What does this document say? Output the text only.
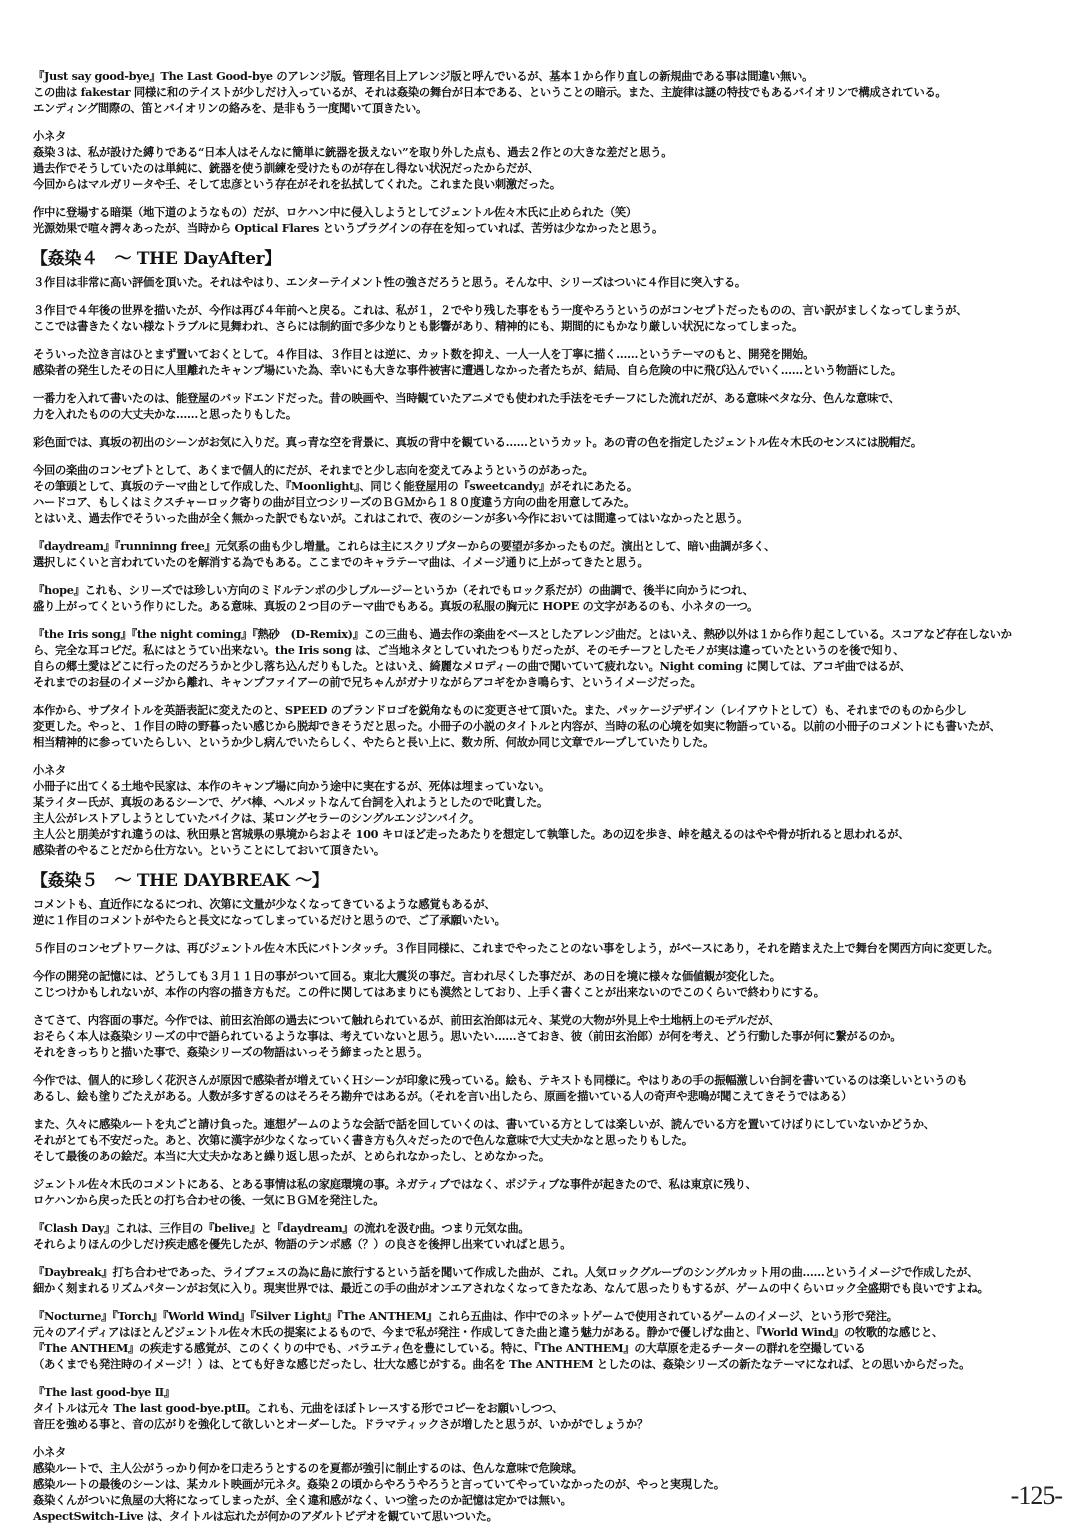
『Just say good-bye』The Last Good-bye のアレンジ版。管理名目上アレンジ版と呼んでいるが、基本１から作り直しの新規曲である事は間違い無い。
この曲は fakestar 同様に和のテイストが少しだけ入っているが、それは姦染の舞台が日本である、ということの暗示。また、主旋律は謎の特技でもあるバイオリンで構成されている。
エンディング間際の、笛とバイオリンの絡みを、是非もう一度聞いて頂きたい。
小ネタ
姦染３は、私が設けた縛りである“日本人はそんなに簡単に銃器を扱えない”を取り外した点も、過去２作との大きな差だと思う。
過去作でそうしていたのは単純に、銃器を使う訓練を受けたものが存在し得ない状況だったからだが、
今回からはマルガリータや壬、そして忠彦という存在がそれを払拭してくれた。これまた良い刺激だった。
作中に登場する暗渠（地下道のようなもの）だが、ロケハン中に侵入しようとしてジェントル佐々木氏に止められた（笑）
光源効果で喧々諤々あったが、当時から Optical Flares というプラグインの存在を知っていれば、苦労は少なかったと思う。
【姦染４　～ THE DayAfter】
３作目は非常に高い評価を頂いた。それはやはり、エンターテイメント性の強さだろうと思う。そんな中、シリーズはついに４作目に突入する。
３作目で４年後の世界を描いたが、今作は再び４年前へと戻る。これは、私が１，２でやり残した事をもう一度やろうというのがコンセプトだったものの、言い訳がましくなってしまうが、
ここでは書きたくない様なトラブルに見舞われ、さらには制約面で多少なりとも影響があり、精神的にも、期間的にもかなり厳しい状況になってしまった。
そういった泣き言はひとまず置いておくとして。４作目は、３作目とは逆に、カット数を抑え、一人一人を丁寧に描く……というテーマのもと、開発を開始。
感染者の発生したその日に人里離れたキャンプ場にいた為、幸いにも大きな事件被害に遭遇しなかった者たちが、結局、自ら危険の中に飛び込んでいく……という物語にした。
一番力を入れて書いたのは、能登屋のバッドエンドだった。昔の映画や、当時観ていたアニメでも使われた手法をモチーフにした流れだが、ある意味ベタな分、色んな意味で、
力を入れたものの大丈夫かな……と思ったりもした。
彩色面では、真坂の初出のシーンがお気に入りだ。真っ青な空を背景に、真坂の背中を観ている……というカット。あの青の色を指定したジェントル佐々木氏のセンスには脱帽だ。
今回の楽曲のコンセプトとして、あくまで個人的にだが、それまでと少し志向を変えてみようというのがあった。
その筆頭として、真坂のテーマ曲として作成した、『Moonlight』、同じく能登屋用の『sweetcandy』がそれにあたる。
ハードコア、もしくはミクスチャーロック寄りの曲が目立つシリーズのＢＧＭから１８０度違う方向の曲を用意してみた。
とはいえ、過去作でそういった曲が全く無かった訳でもないが。これはこれで、夜のシーンが多い今作においては間違ってはいなかったと思う。
『daydream』『runninng free』元気系の曲も少し増量。これらは主にスクリプターからの要望が多かったものだ。演出として、暗い曲調が多く、
選択しにくいと言われていたのを解消する為でもある。ここまでのキャラテーマ曲は、イメージ通りに上がってきたと思う。
『hope』これも、シリーズでは珍しい方向のミドルテンポの少しブルージーというか（それでもロック系だが）の曲調で、後半に向かうにつれ、
盛り上がってくという作りにした。ある意味、真坂の２つ目のテーマ曲でもある。真坂の私服の胸元に HOPE の文字があるのも、小ネタの一つ。
『the Iris song』『the night coming』『熱砂　(D-Remix)』この三曲も、過去作の楽曲をベースとしたアレンジ曲だ。とはいえ、熱砂以外は１から作り起こしている。スコアなど存在しないか
ら、完全な耳コピだ。私にはとうてい出来ない。the Iris song は、ご当地ネタとしていれたつもりだったが、そのモチーフとしたモノが実は違っていたというのを後で知り、
自らの郷土愛はどこに行ったのだろうかと少し落ち込んだりもした。とはいえ、綺麗なメロディーの曲で聞いていて疲れない。Night coming に関しては、アコギ曲ではるが、
それまでのお昼のイメージから離れ、キャンプファイアーの前で兄ちゃんがガナリながらアコギをかき鳴らす、というイメージだった。
本作から、サブタイトルを英語表記に変えたのと、SPEED のブランドロゴを鋭角なものに変更させて頂いた。また、パッケージデザイン（レイアウトとして）も、それまでのものから少し
変更した。やっと、１作目の時の野暮ったい感じから脱却できそうだと思った。小冊子の小説のタイトルと内容が、当時の私の心境を如実に物語っている。以前の小冊子のコメントにも書いたが、
相当精神的に参っていたらしい、というか少し病んでいたらしく、やたらと長い上に、数カ所、何故か同じ文章でループしていたりした。
小ネタ
小冊子に出てくる土地や民家は、本作のキャンプ場に向かう途中に実在するが、死体は埋まっていない。
某ライター氏が、真坂のあるシーンで、ゲバ棒、ヘルメットなんて台詞を入れようとしたので叱責した。
主人公がレストアしようとしていたバイクは、某ロングセラーのシングルエンジンバイク。
主人公と朋美がすれ違うのは、秋田県と宮城県の県境からおよそ 100 キロほど走ったあたりを想定して執筆した。あの辺を歩き、峠を越えるのはやや骨が折れると思われるが、
感染者のやることだから仕方ない。ということにしておいて頂きたい。
【姦染５　～ THE DAYBREAK ～】
コメントも、直近作になるにつれ、次第に文量が少なくなってきているような感覚もあるが、
逆に１作目のコメントがやたらと長文になってしまっているだけと思うので、ご了承願いたい。
５作目のコンセプトワークは、再びジェントル佐々木氏にバトンタッチ。３作目同様に、これまでやったことのない事をしよう，がベースにあり，それを踏まえた上で舞台を関西方向に変更した。
今作の開発の記憶には、どうしても３月１１日の事がついて回る。東北大震災の事だ。言われ尽くした事だが、あの日を境に様々な価値観が変化した。
こじつけかもしれないが、本作の内容の描き方もだ。この件に関してはあまりにも漠然としており、上手く書くことが出来ないのでこのくらいで終わりにする。
さてさて、内容面の事だ。今作では、前田玄治郎の過去について触れられているが、前田玄治郎は元々、某党の大物が外見上や土地柄上のモデルだが、
おそらく本人は姦染シリーズの中で語られているような事は、考えていないと思う。思いたい……さておき、彼（前田玄治郎）が何を考え、どう行動した事が何に繋がるのか。
それをきっちりと描いた事で、姦染シリーズの物語はいっそう締まったと思う。
今作では、個人的に珍しく花沢さんが原因で感染者が増えていくＨシーンが印象に残っている。絵も、テキストも同様に。やはりあの手の振幅激しい台詞を書いているのは楽しいというのも
あるし、絵も塗りごたえがある。人数が多すぎるのはそろそろ勘弁ではあるが。（それを言い出したら、原画を描いている人の奇声や悲鳴が聞こえてきそうではある）
また、久々に感染ルートを丸ごと請け負った。連想ゲームのような会話で話を回していくのは、書いている方としては楽しいが、読んでいる方を置いてけぼりにしていないかどうか、
それがとても不安だった。あと、次第に漢字が少なくなっていく書き方も久々だったので色んな意味で大丈夫かなと思ったりもした。
そして最後のあの絵だ。本当に大丈夫かなあと繰り返し思ったが、とめられなかったし、とめなかった。
ジェントル佐々木氏のコメントにある、とある事情は私の家庭環境の事。ネガティブではなく、ポジティブな事件が起きたので、私は東京に残り、
ロケハンから戻った氏との打ち合わせの後、一気にＢＧＭを発注した。
『Clash Day』これは、三作目の『belive』と『daydream』の流れを汲む曲。つまり元気な曲。
それらよりほんの少しだけ疾走感を優先したが、物語のテンポ感（？）の良さを後押し出来ていればと思う。
『Daybreak』打ち合わせであった、ライブフェスの為に島に旅行するという話を聞いて作成した曲が、これ。人気ロックグループのシングルカット用の曲……というイメージで作成したが、
細かく刻まれるリズムパターンがお気に入り。現実世界では、最近この手の曲がオンエアされなくなってきたなあ、なんて思ったりもするが、ゲームの中くらいロック全盛期でも良いですよね。
『Nocturne』『Torch』『World Wind』『Silver Light』『The ANTHEM』これら五曲は、作中でのネットゲームで使用されているゲームのイメージ、という形で発注。
元々のアイディアはほとんどジェントル佐々木氏の提案によるもので、今まで私が発注・作成してきた曲と違う魅力がある。静かで優しげな曲と、『World Wind』の牧歌的な感じと、
『The ANTHEM』の疾走する感覚が、このくくりの中でも、バラエティ色を豊にしている。特に、『The ANTHEM』の大草原を走るチーターの群れを空撮している
（あくまでも発注時のイメージ！）は、とても好きな感じだったし、壮大な感じがする。曲名を The ANTHEM としたのは、姦染シリーズの新たなテーマになれば、との思いからだった。
『The last good-bye Ⅱ』
タイトルは元々 The last good-bye.ptⅡ。これも、元曲をほぼトレースする形でコピーをお願いしつつ、
音圧を強める事と、音の広がりを強化して欲しいとオーダーした。ドラマティックさが増したと思うが、いかがでしょうか？
小ネタ
感染ルートで、主人公がうっかり何かを口走ろうとするのを夏都が強引に制止するのは、色んな意味で危険球。
感染ルートの最後のシーンは、某カルト映画が元ネタ。姦染２の頃からやろうやろうと言っていてやっていなかったのが、やっと実現した。
姦染くんがついに魚屋の大将になってしまったが、全く違和感がなく、いつ塗ったのか記憶は定かでは無い。
AspectSwitch-Live は、タイトルは忘れたが何かのアダルトビデオを観ていて思いついた。
-125-
